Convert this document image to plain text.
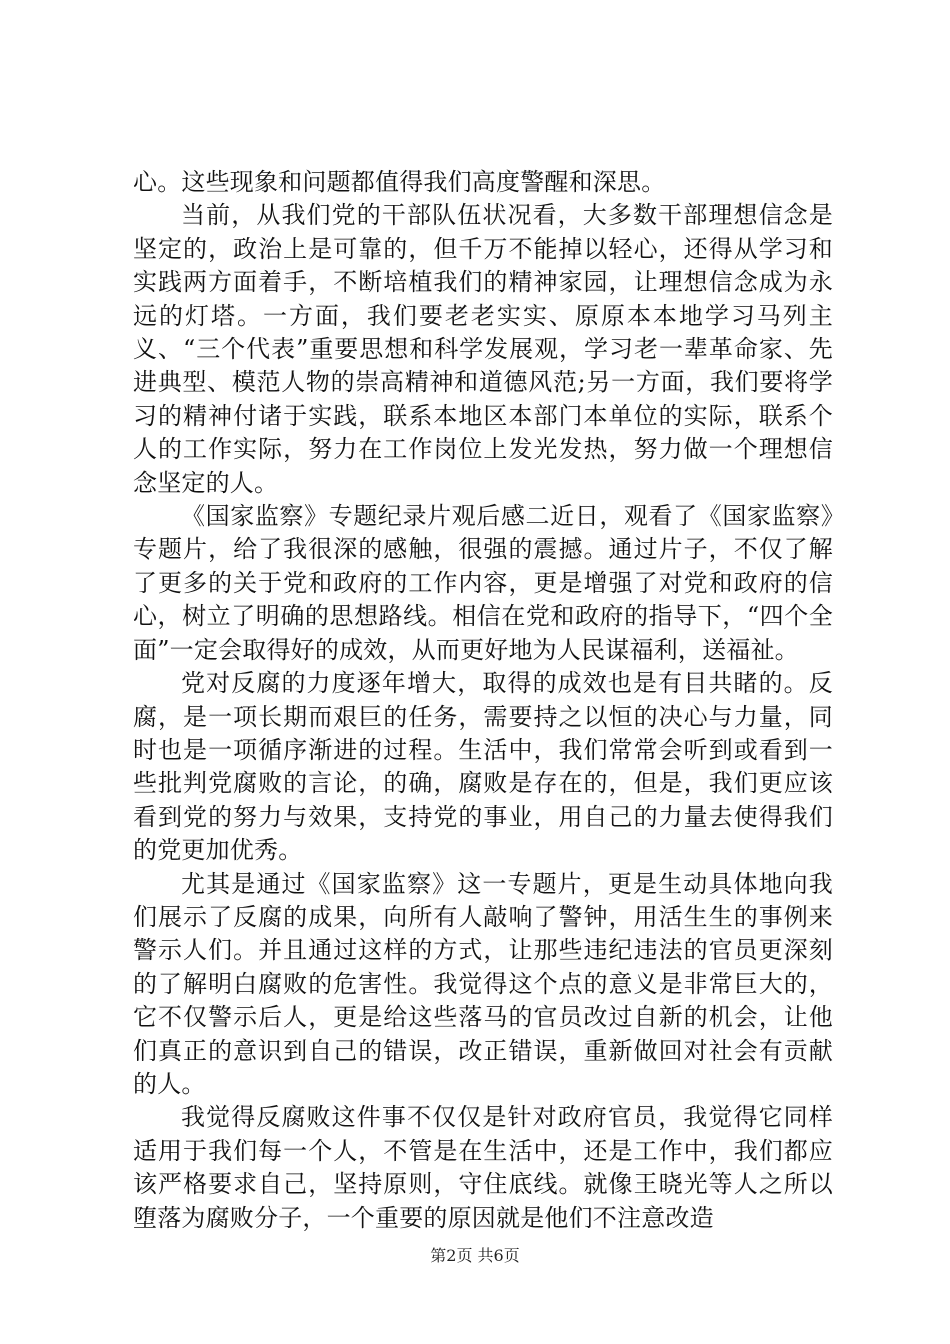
心。这些现象和问题都值得我们高度警醒和深思。

当前，从我们党的干部队伍状况看，大多数干部理想信念是坚定的，政治上是可靠的，但千万不能掉以轻心，还得从学习和实践两方面着手，不断培植我们的精神家园，让理想信念成为永远的灯塔。一方面，我们要老老实实、原原本本地学习马列主义、“三个代表”重要思想和科学发展观，学习老一辈革命家、先进典型、模范人物的崇高精神和道德风范;另一方面，我们要将学习的精神付诸于实践，联系本地区本部门本单位的实际，联系个人的工作实际，努力在工作岗位上发光发热，努力做一个理想信念坚定的人。

《国家监察》专题纪录片观后感二近日，观看了《国家监察》专题片，给了我很深的感触，很强的震撼。通过片子，不仅了解了更多的关于党和政府的工作内容，更是增强了对党和政府的信心，树立了明确的思想路线。相信在党和政府的指导下，“四个全面”一定会取得好的成效，从而更好地为人民谋福利，送福祉。

党对反腐的力度逐年增大，取得的成效也是有目共睹的。反腐，是一项长期而艰巨的任务，需要持之以恒的决心与力量，同时也是一项循序渐进的过程。生活中，我们常常会听到或看到一些批判党腐败的言论，的确，腐败是存在的，但是，我们更应该看到党的努力与效果，支持党的事业，用自己的力量去使得我们的党更加优秀。

尤其是通过《国家监察》这一专题片，更是生动具体地向我们展示了反腐的成果，向所有人敲响了警钟，用活生生的事例来警示人们。并且通过这样的方式，让那些违纪违法的官员更深刻的了解明白腐败的危害性。我觉得这个点的意义是非常巨大的，它不仅警示后人，更是给这些落马的官员改过自新的机会，让他们真正的意识到自己的错误，改正错误，重新做回对社会有贡献的人。

我觉得反腐败这件事不仅仅是针对政府官员，我觉得它同样适用于我们每一个人，不管是在生活中，还是工作中，我们都应该严格要求自己，坚持原则，守住底线。就像王晓光等人之所以堕落为腐败分子，一个重要的原因就是他们不注意改造

第2页 共6页
